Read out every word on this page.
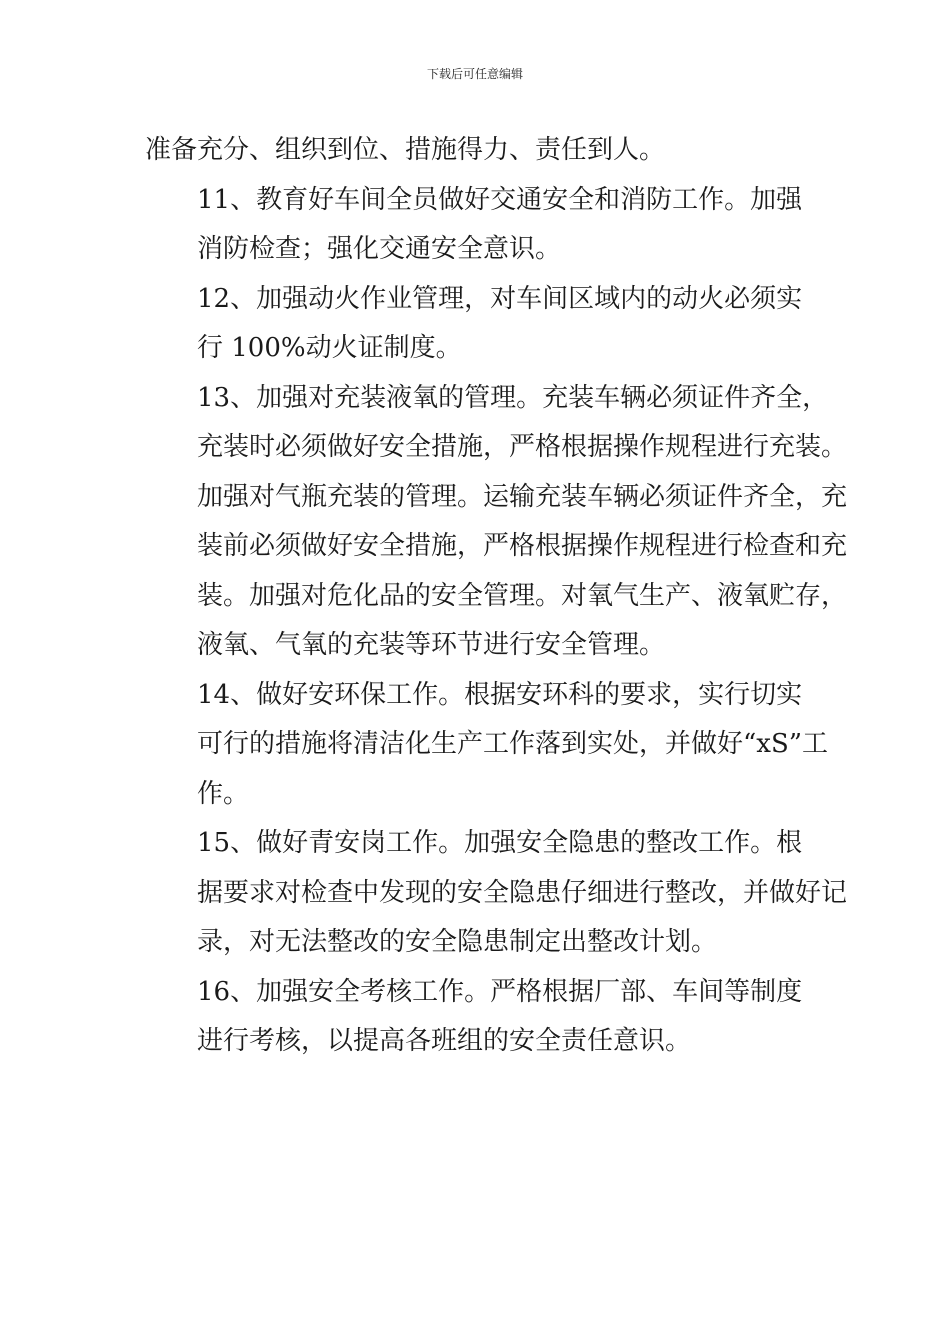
下载后可任意编辑

准备充分、组织到位、措施得力、责任到人。

11、教育好车间全员做好交通安全和消防工作。加强
消防检查；强化交通安全意识。

12、加强动火作业管理，对车间区域内的动火必须实
行 100%动火证制度。

13、加强对充装液氧的管理。充装车辆必须证件齐全，
充装时必须做好安全措施，严格根据操作规程进行充装。
加强对气瓶充装的管理。运输充装车辆必须证件齐全，充
装前必须做好安全措施，严格根据操作规程进行检查和充
装。加强对危化品的安全管理。对氧气生产、液氧贮存，
液氧、气氧的充装等环节进行安全管理。

14、做好安环保工作。根据安环科的要求，实行切实
可行的措施将清洁化生产工作落到实处，并做好“xS”工
作。

15、做好青安岗工作。加强安全隐患的整改工作。根
据要求对检查中发现的安全隐患仔细进行整改，并做好记
录，对无法整改的安全隐患制定出整改计划。

16、加强安全考核工作。严格根据厂部、车间等制度
进行考核，以提高各班组的安全责任意识。
